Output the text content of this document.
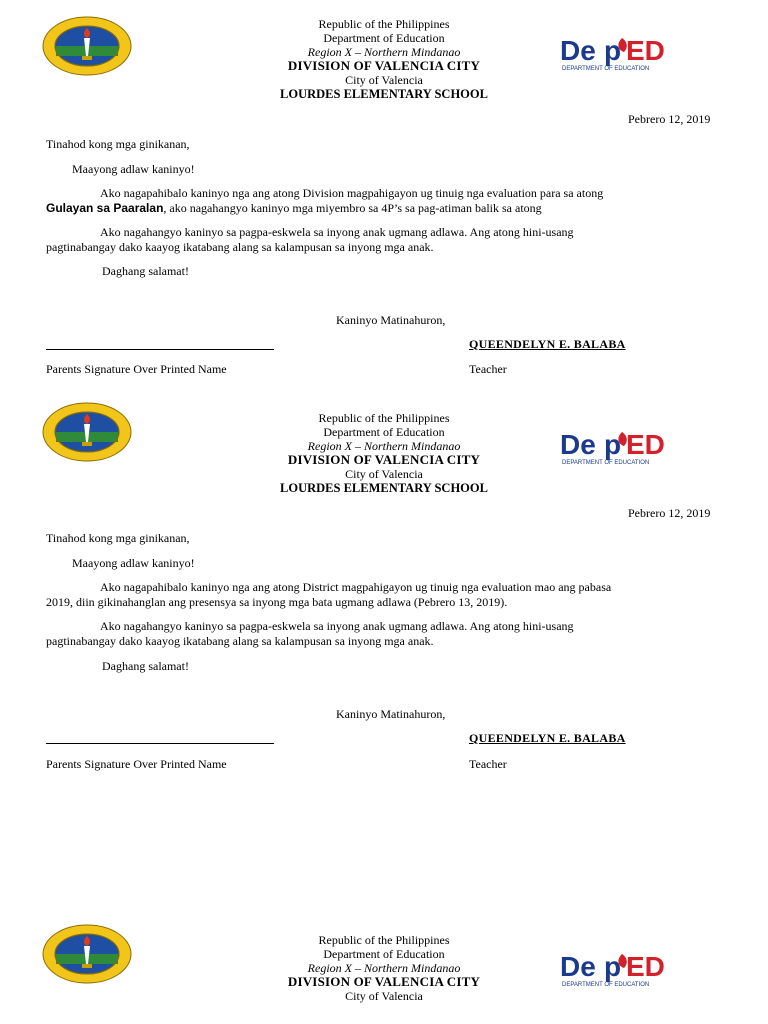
Republic of the Philippines
Department of Education
Region X – Northern Mindanao
DIVISION OF VALENCIA CITY
City of Valencia
LOURDES ELEMENTARY SCHOOL
Pebrero 12, 2019
Tinahod kong mga ginikanan,
Maayong adlaw kaninyo!
Ako nagapahibalo kaninyo nga ang atong Division magpahigayon ug tinuig nga evaluation para sa atong
Gulayan sa Paaralan, ako nagahangyo kaninyo mga miyembro sa 4P’s sa pag-atiman balik sa atong
Ako nagahangyo kaninyo sa pagpa-eskwela sa inyong anak ugmang adlawa. Ang atong hini-usang
pagtinabangay dako kaayog ikatabang alang sa kalampusan sa inyong mga anak.
Daghang salamat!
Kaninyo Matinahuron,
QUEENDELYN E. BALABA
Parents Signature Over Printed Name	Teacher
Republic of the Philippines
Department of Education
Region X – Northern Mindanao
DIVISION OF VALENCIA CITY
City of Valencia
LOURDES ELEMENTARY SCHOOL
Pebrero 12, 2019
Tinahod kong mga ginikanan,
Maayong adlaw kaninyo!
Ako nagapahibalo kaninyo nga ang atong District magpahigayon ug tinuig nga evaluation mao ang pabasa
2019, diin gikinahanglan ang presensya sa inyong mga bata ugmang adlawa (Pebrero 13, 2019).
Ako nagahangyo kaninyo sa pagpa-eskwela sa inyong anak ugmang adlawa. Ang atong hini-usang
pagtinabangay dako kaayog ikatabang alang sa kalampusan sa inyong mga anak.
Daghang salamat!
Kaninyo Matinahuron,
QUEENDELYN E. BALABA
Parents Signature Over Printed Name	Teacher
Republic of the Philippines
Department of Education
Region X – Northern Mindanao
DIVISION OF VALENCIA CITY
City of Valencia
